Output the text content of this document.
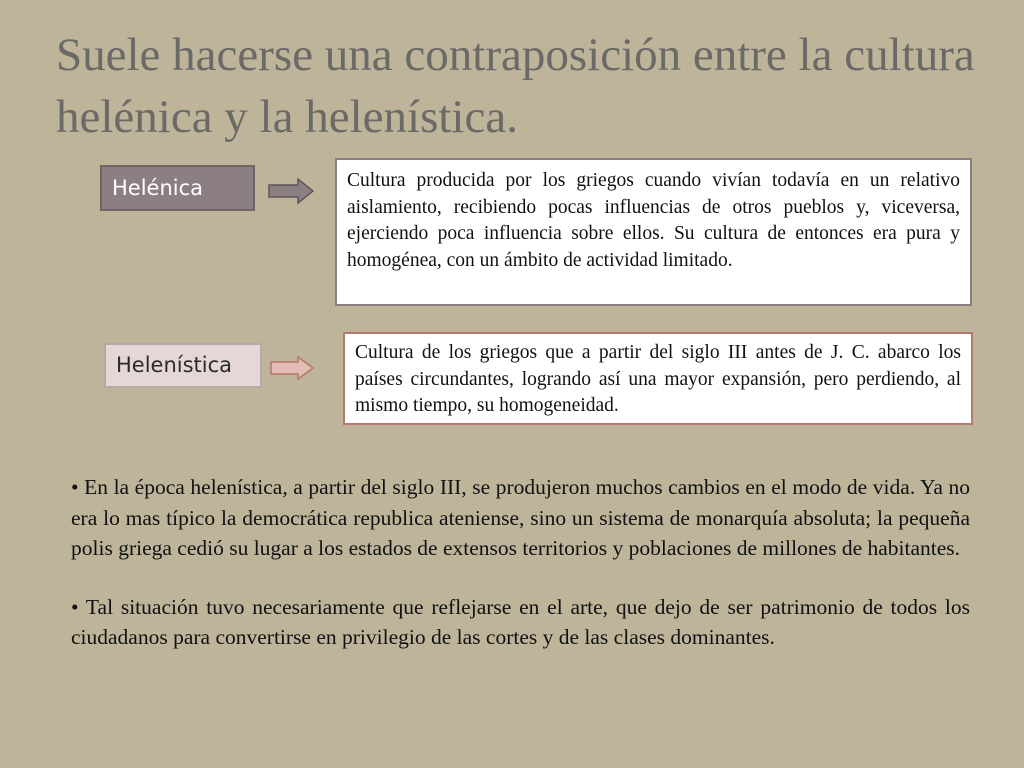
Suele hacerse una contraposición entre la cultura helénica y la helenística.
Helénica	Cultura producida por los griegos cuando vivían todavía en un relativo aislamiento, recibiendo pocas influencias de otros pueblos y, viceversa, ejerciendo poca influencia sobre ellos. Su cultura de entonces era pura y homogénea, con un ámbito de actividad limitado.
Helenística
Cultura de los griegos que a partir del siglo III antes de J. C. abarco los países circundantes, logrando así una mayor expansión, pero perdiendo, al mismo tiempo, su homogeneidad.

• En la época helenística, a partir del siglo III, se produjeron muchos cambios en el modo de vida. Ya no era lo mas típico la democrática republica ateniense, sino un sistema de monarquía absoluta; la pequeña polis griega cedió su lugar a los estados de extensos territorios y poblaciones de millones de habitantes.

• Tal situación tuvo necesariamente que reflejarse en el arte, que dejo de ser patrimonio de todos los ciudadanos para convertirse en privilegio de las cortes y de las clases dominantes.
